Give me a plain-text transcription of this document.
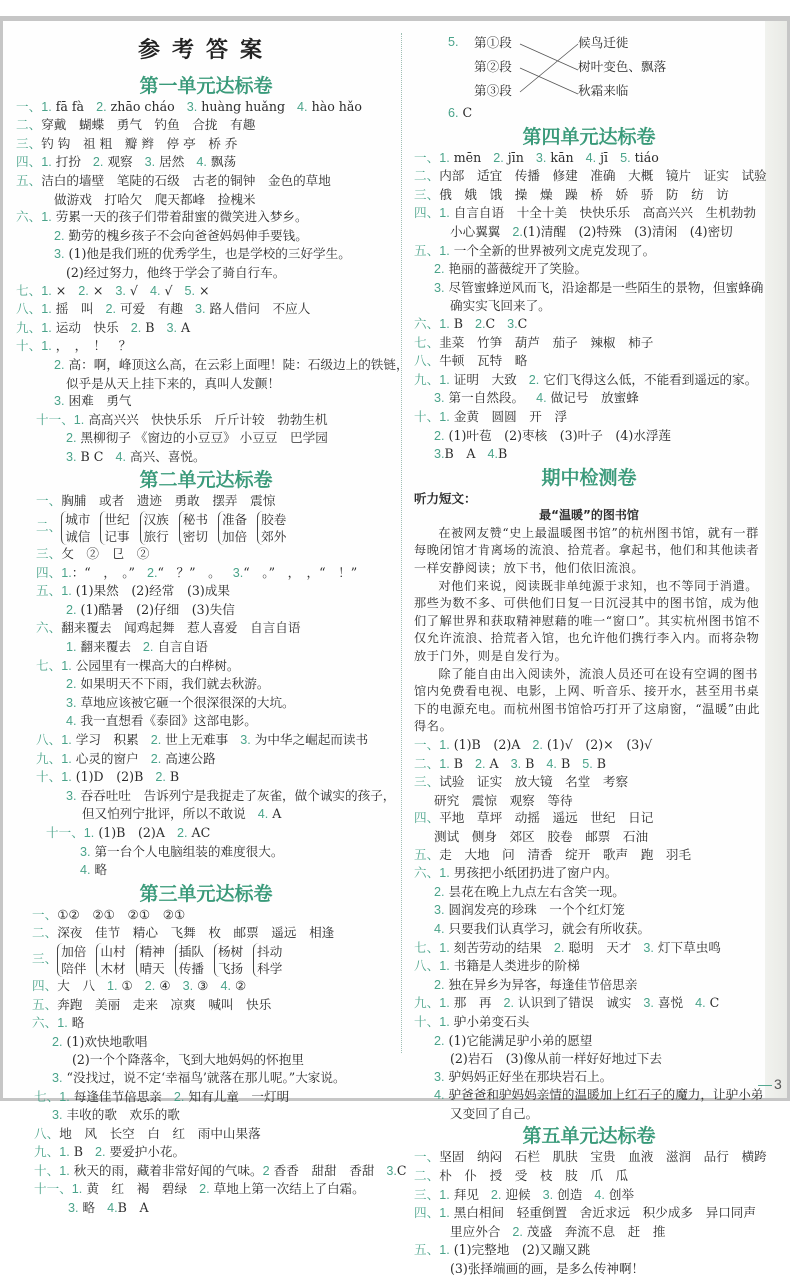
参考答案
第一单元达标卷
一、1. fā fà 2. zhāo cháo 3. huàng huǎng 4. hào hǎo
二、穿戴　蝴蝶　勇气　钓鱼　合拢　有趣
三、钓 钩　祖 粗　瓣 辫　停 亭　桥 乔
四、1. 打扮 2. 观察 3. 居然 4. 飘荡
五、洁白的墙壁　笔陡的石级　古老的铜钟　金色的草地
做游戏　打哈欠　爬天都峰　捡槐米
六、1. 劳累一天的孩子们带着甜蜜的微笑进入梦乡。
2. 勤劳的槐乡孩子不会向爸爸妈妈伸手要钱。
3. (1)他是我们班的优秀学生，也是学校的三好学生。
(2)经过努力，他终于学会了骑自行车。
七、1. × 2. × 3. √ 4. √ 5. ×
八、1. 摇　叫 2. 可爱　有趣 3. 路人借问　不应人
九、1. 运动　快乐 2. B 3. A
十、1. ，　，　！　？
2. 高：啊，峰顶这么高，在云彩上面哩！陡：石级边上的铁链，
似乎是从天上挂下来的，真叫人发颤！
3. 困难　勇气
十一、1. 高高兴兴　快快乐乐　斤斤计较　勃勃生机
2. 黑柳彻子 《窗边的小豆豆》 小豆豆　巴学园
3. B C 4. 高兴、喜悦。
第二单元达标卷
一、胸脯　或者　遗迹　勇敢　摆弄　震惊
二、
城市
诚信
世纪
记事
汉族
旅行
秘书
密切
准备
加倍
胶卷
郊外
三、攵　②　㔾　②
四、1.：“　，　。” 2.“　？”　。 3.“　。”　，　，“　！”
五、1. (1)果然　(2)经常　(3)成果
2. (1)酷暑　(2)仔细　(3)失信
六、翻来覆去　闻鸡起舞　惹人喜爱　自言自语
1. 翻来覆去 2. 自言自语
七、1. 公园里有一棵高大的白桦树。
2. 如果明天不下雨，我们就去秋游。
3. 草地应该被它砸一个很深很深的大坑。
4. 我一直想看《泰囧》这部电影。
八、1. 学习　积累 2. 世上无难事 3. 为中华之崛起而读书
九、1. 心灵的窗户 2. 高速公路
十、1. (1)D　(2)B 2. B
3. 吞吞吐吐　告诉列宁是我捉走了灰雀，做个诚实的孩子，
但又怕列宁批评，所以不敢说 4. A
十一、1. (1)B　(2)A 2. AC
3. 第一台个人电脑组装的难度很大。
4. 略
第三单元达标卷
一、①②　②①　②①　②①
二、深夜　佳节　精心　飞舞　枚　邮票　遥远　相逢
三、
加倍
陪伴
山村
木材
精神
晴天
插队
传播
杨树
飞扬
抖动
科学
四、大　八 1. ① 2. ④ 3. ③ 4. ②
五、奔跑　美丽　走来　凉爽　喊叫　快乐
六、1. 略
2. (1)欢快地歌唱
(2)一个个降落伞，飞到大地妈妈的怀抱里
3. “没找过，说不定‘幸福鸟’就落在那儿呢。”大家说。
七、1. 每逢佳节倍思亲 2. 知有儿童　一灯明
3. 丰收的歌　欢乐的歌
八、地　风　长空　白　红　雨中山果落
九、1. B 2. 要爱护小花。
十、1. 秋天的雨，藏着非常好闻的气味。2 香香　甜甜　香甜 3.C
十一、1. 黄　红　褐　碧绿 2. 草地上第一次结上了白霜。
3. 略 4.B　A
5. 第①段
第②段
第③段
候鸟迁徙
树叶变色、飘落
秋霜来临
6. C
第四单元达标卷
一、1. mēn 2. jīn 3. kān 4. jī 5. tiáo
二、内部　适宜　传播　修建　准确　大概　镜片　证实　试验
三、俄　娥　饿　操　燥　躁　桥　娇　骄　防　纺　访
四、1. 自言自语　十全十美　快快乐乐　高高兴兴　生机勃勃
小心翼翼 2.(1)清醒　(2)特殊　(3)清闲　(4)密切
五、1. 一个全新的世界被列文虎克发现了。
2. 艳丽的蔷薇绽开了笑脸。
3. 尽管蜜蜂逆风而飞，沿途都是一些陌生的景物，但蜜蜂确
确实实飞回来了。
六、1. B 2.C 3.C
七、韭菜　竹笋　葫芦　茄子　辣椒　柿子
八、牛顿　瓦特　略
九、1. 证明　大致 2. 它们飞得这么低，不能看到遥远的家。
3. 第一自然段。 4. 做记号　放蜜蜂
十、1. 金黄　圆圆　开　浮
2. (1)叶苞　(2)枣核　(3)叶子　(4)水浮莲
3.B　A 4.B
期中检测卷
听力短文：
最“温暖”的图书馆

在被网友赞“史上最温暖图书馆”的杭州图书馆，就有一群每晚闭馆才肯离场的流浪、拾荒者。拿起书，他们和其他读者一样安静阅读；放下书，他们依旧流浪。

对他们来说，阅读既非单纯源于求知，也不等同于消遣。那些为数不多、可供他们日复一日沉浸其中的图书馆，成为他们了解世界和获取精神慰藉的唯一“窗口”。其实杭州图书馆不仅允许流浪、拾荒者入馆，也允许他们携行李入内。而将杂物放于门外，则是自发行为。

除了能自由出入阅读外，流浪人员还可在设有空调的图书馆内免费看电视、电影，上网、听音乐、接开水，甚至用书桌下的电源充电。而杭州图书馆恰巧打开了这扇窗，“温暖”由此得名。

一、1. (1)B　(2)A 2. (1)√　(2)×　(3)√
二、1. B 2. A 3. B 4. B 5. B
三、试验　证实　放大镜　名堂　考察
研究　震惊　观察　等待
四、平地　草坪　动摇　遥远　世纪　日记
测试　侧身　郊区　胶卷　邮票　石油
五、走　大地　问　清香　绽开　歌声　跑　羽毛
六、1. 男孩把小纸团扔进了窗户内。
2. 昙花在晚上九点左右含笑一现。
3. 圆润发亮的珍珠　一个个红灯笼
4. 只要我们认真学习，就会有所收获。
七、1. 刻苦劳动的结果 2. 聪明　天才 3. 灯下草虫鸣
八、1. 书籍是人类进步的阶梯
2. 独在异乡为异客，每逢佳节倍思亲
九、1. 那　再 2. 认识到了错误　诚实 3. 喜悦 4. C
十、1. 驴小弟变石头
2. (1)它能满足驴小弟的愿望
(2)岩石　(3)像从前一样好好地过下去
3. 驴妈妈正好坐在那块岩石上。
4. 驴爸爸和驴妈妈亲情的温暖加上红石子的魔力，让驴小弟
又变回了自己。
第五单元达标卷
一、坚固　纳闷　石栏　肌肤　宝贵　血液　滋润　品行　横跨
二、朴　仆　授　受　枝　肢　爪　瓜
三、1. 拜见 2. 迎候 3. 创造 4. 创举
四、1. 黑白相间　轻重倒置　舍近求远　积少成多　异口同声
里应外合 2. 茂盛　奔流不息　赶　推
五、1. (1)完整地　(2)又蹦又跳
(3)张择端画的画，是多么传神啊！
— 3
